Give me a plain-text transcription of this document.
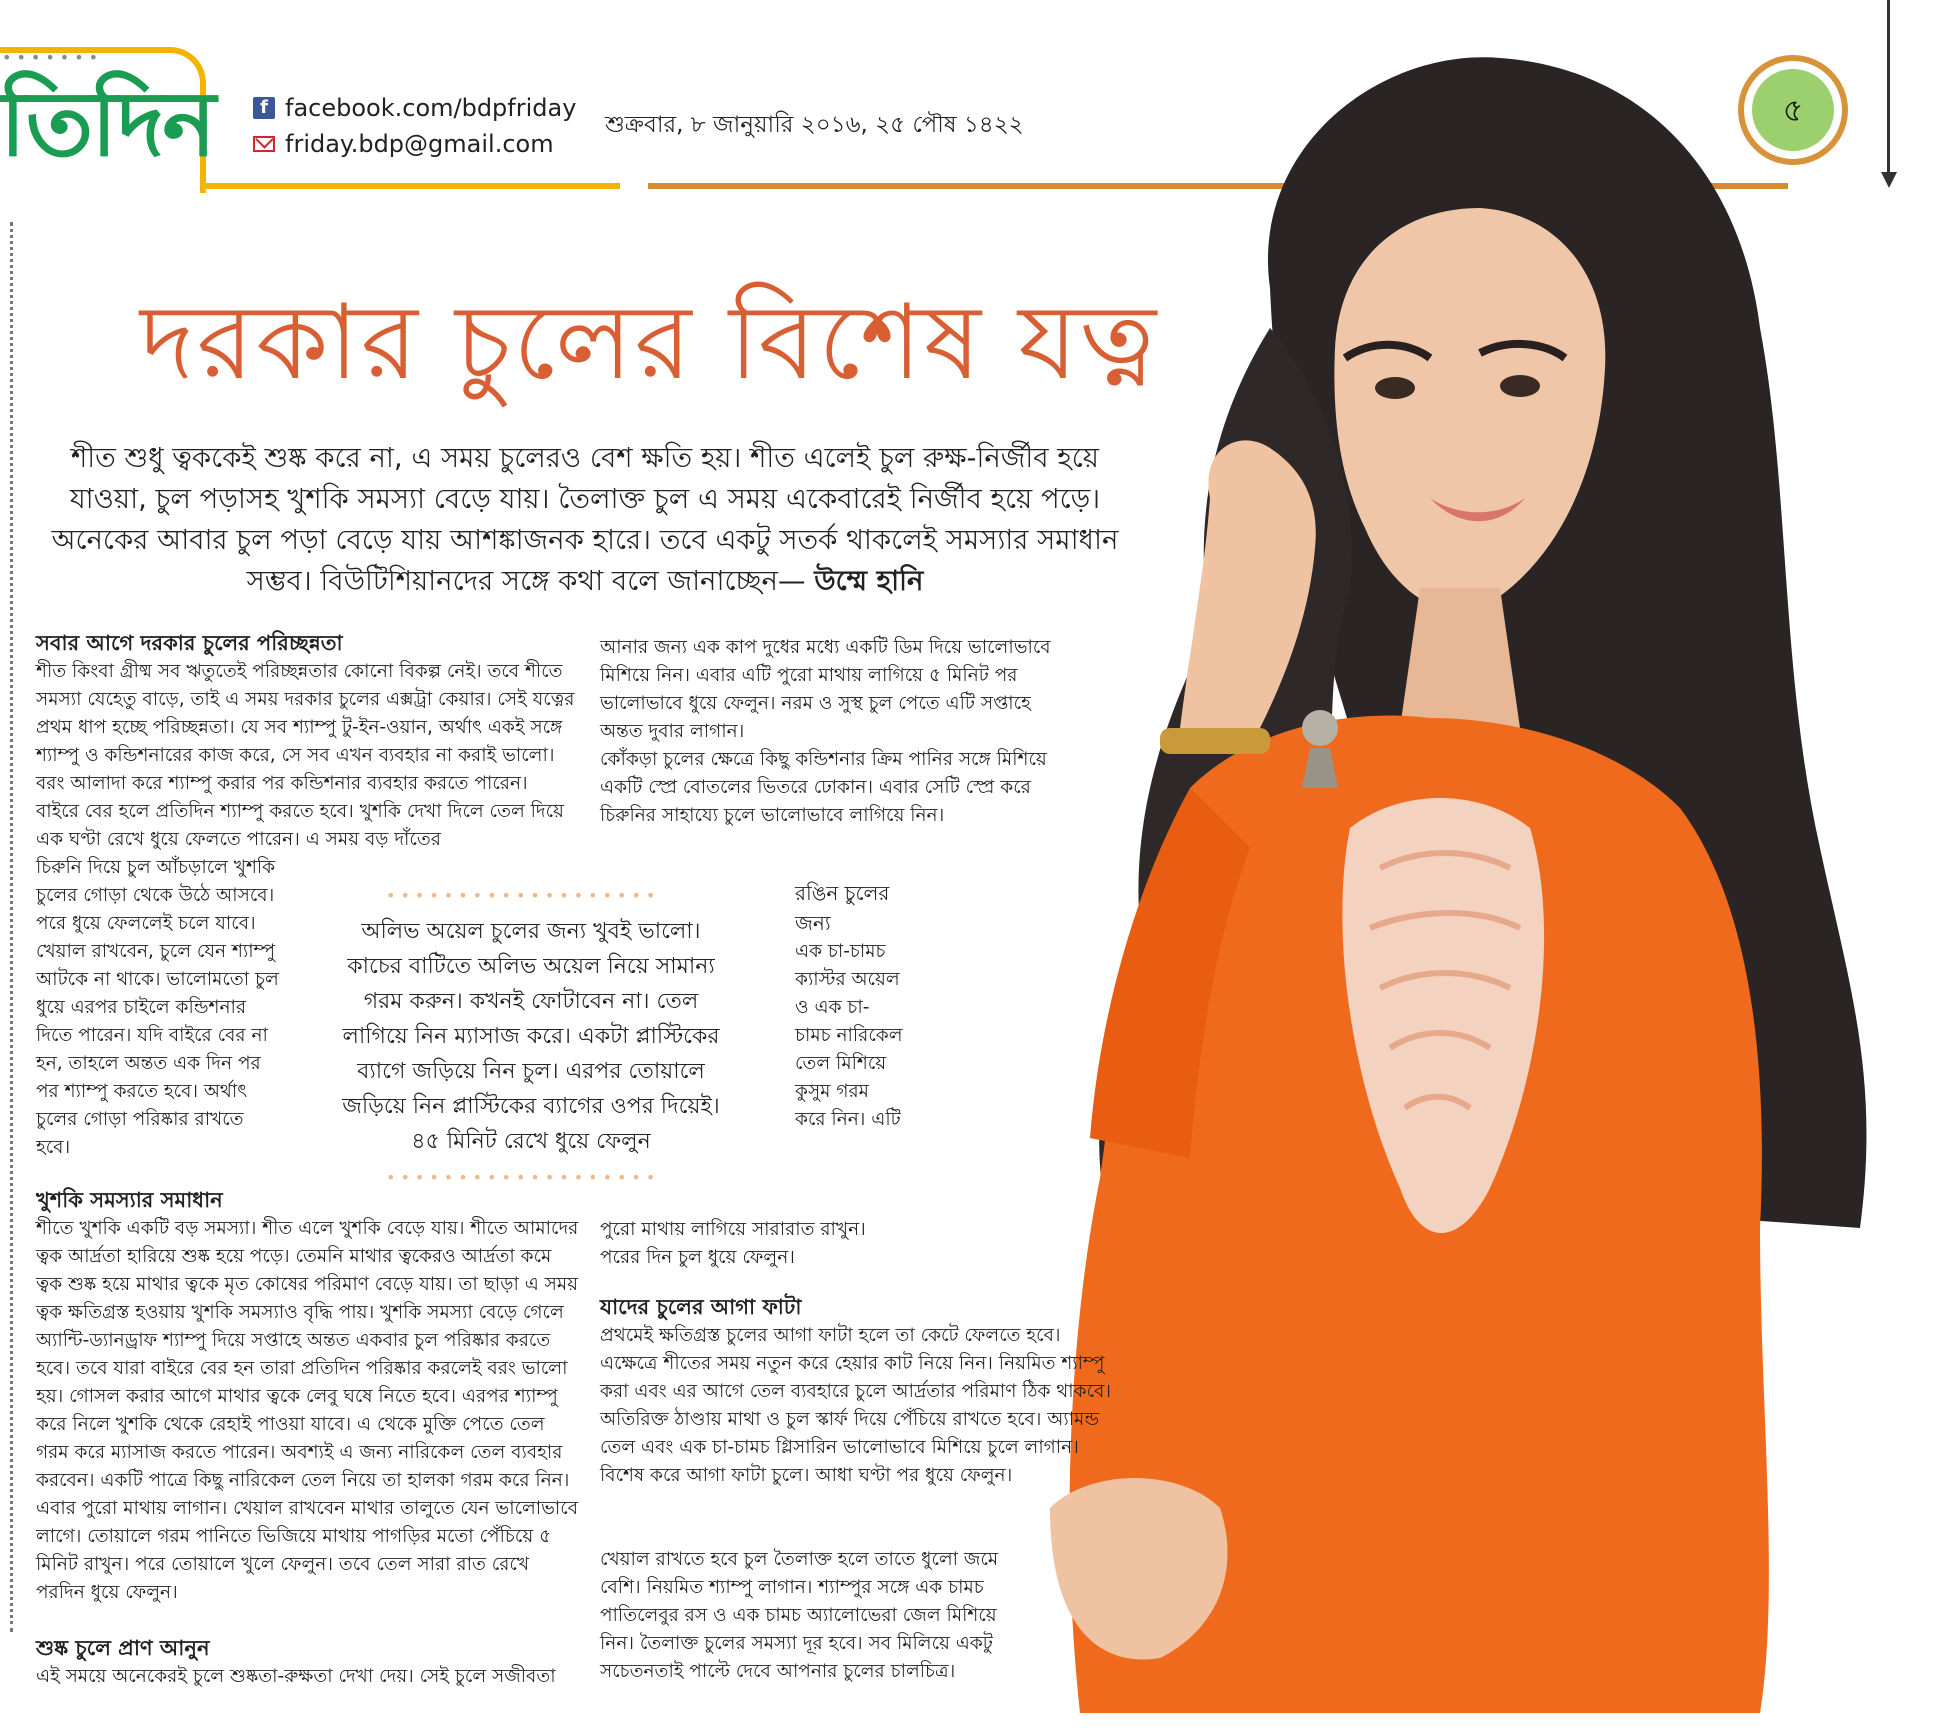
•••••••
তিদিন	f facebook.com/bdpfriday
friday.bdp@gmail.com
শুক্রবার, ৮ জানুয়ারি ২০১৬, ২৫ পৌষ ১৪২২	৫
দরকার চুলের বিশেষ যত্ন
শীত শুধু ত্বককেই শুষ্ক করে না, এ সময় চুলেরও বেশ ক্ষতি হয়। শীত এলেই চুল রুক্ষ-নির্জীব হয়ে যাওয়া, চুল পড়াসহ খুশকি সমস্যা বেড়ে যায়। তৈলাক্ত চুল এ সময় একেবারেই নির্জীব হয়ে পড়ে। অনেকের আবার চুল পড়া বেড়ে যায় আশঙ্কাজনক হারে। তবে একটু সতর্ক থাকলেই সমস্যার সমাধান সম্ভব। বিউটিশিয়ানদের সঙ্গে কথা বলে জানাচ্ছেন— উম্মে হানি
সবার আগে দরকার চুলের পরিচ্ছন্নতা

শীত কিংবা গ্রীষ্ম সব ঋতুতেই পরিচ্ছন্নতার কোনো বিকল্প নেই। তবে শীতে সমস্যা যেহেতু বাড়ে, তাই এ সময় দরকার চুলের এক্সট্রা কেয়ার। সেই যত্নের প্রথম ধাপ হচ্ছে পরিচ্ছন্নতা। যে সব শ্যাম্পু টু-ইন-ওয়ান, অর্থাৎ একই সঙ্গে শ্যাম্পু ও কন্ডিশনারের কাজ করে, সে সব এখন ব্যবহার না করাই ভালো। বরং আলাদা করে শ্যাম্পু করার পর কন্ডিশনার ব্যবহার করতে পারেন। বাইরে বের হলে প্রতিদিন শ্যাম্পু করতে হবে। খুশকি দেখা দিলে তেল দিয়ে এক ঘণ্টা রেখে ধুয়ে ফেলতে পারেন। এ সময় বড় দাঁতের

চিরুনি দিয়ে চুল আঁচড়ালে খুশকি চুলের গোড়া থেকে উঠে আসবে। পরে ধুয়ে ফেললেই চলে যাবে। খেয়াল রাখবেন, চুলে যেন শ্যাম্পু আটকে না থাকে। ভালোমতো চুল ধুয়ে এরপর চাইলে কন্ডিশনার দিতে পারেন। যদি বাইরে বের না হন, তাহলে অন্তত এক দিন পর পর শ্যাম্পু করতে হবে। অর্থাৎ চুলের গোড়া পরিষ্কার রাখতে হবে।

•••••••••••••••••••
অলিভ অয়েল চুলের জন্য খুবই ভালো। কাচের বাটিতে অলিভ অয়েল নিয়ে সামান্য গরম করুন। কখনই ফোটাবেন না। তেল লাগিয়ে নিন ম্যাসাজ করে। একটা প্লাস্টিকের ব্যাগে জড়িয়ে নিন চুল। এরপর তোয়ালে জড়িয়ে নিন প্লাস্টিকের ব্যাগের ওপর দিয়েই। ৪৫ মিনিট রেখে ধুয়ে ফেলুন
•••••••••••••••••••
খুশকি সমস্যার সমাধান

শীতে খুশকি একটি বড় সমস্যা। শীত এলে খুশকি বেড়ে যায়। শীতে আমাদের ত্বক আর্দ্রতা হারিয়ে শুষ্ক হয়ে পড়ে। তেমনি মাথার ত্বকেরও আর্দ্রতা কমে ত্বক শুষ্ক হয়ে মাথার ত্বকে মৃত কোষের পরিমাণ বেড়ে যায়। তা ছাড়া এ সময় ত্বক ক্ষতিগ্রস্ত হওয়ায় খুশকি সমস্যাও বৃদ্ধি পায়। খুশকি সমস্যা বেড়ে গেলে অ্যান্টি-ড্যানড্রাফ শ্যাম্পু দিয়ে সপ্তাহে অন্তত একবার চুল পরিষ্কার করতে হবে। তবে যারা বাইরে বের হন তারা প্রতিদিন পরিষ্কার করলেই বরং ভালো হয়। গোসল করার আগে মাথার ত্বকে লেবু ঘষে নিতে হবে। এরপর শ্যাম্পু করে নিলে খুশকি থেকে রেহাই পাওয়া যাবে। এ থেকে মুক্তি পেতে তেল গরম করে ম্যাসাজ করতে পারেন। অবশ্যই এ জন্য নারিকেল তেল ব্যবহার করবেন। একটি পাত্রে কিছু নারিকেল তেল নিয়ে তা হালকা গরম করে নিন। এবার পুরো মাথায় লাগান। খেয়াল রাখবেন মাথার তালুতে যেন ভালোভাবে লাগে। তোয়ালে গরম পানিতে ভিজিয়ে মাথায় পাগড়ির মতো পেঁচিয়ে ৫ মিনিট রাখুন। পরে তোয়ালে খুলে ফেলুন। তবে তেল সারা রাত রেখে পরদিন ধুয়ে ফেলুন।

শুষ্ক চুলে প্রাণ আনুন

এই সময়ে অনেকেরই চুলে শুষ্কতা-রুক্ষতা দেখা দেয়। সেই চুলে সজীবতা

আনার জন্য এক কাপ দুধের মধ্যে একটি ডিম দিয়ে ভালোভাবে মিশিয়ে নিন। এবার এটি পুরো মাথায় লাগিয়ে ৫ মিনিট পর ভালোভাবে ধুয়ে ফেলুন। নরম ও সুস্থ চুল পেতে এটি সপ্তাহে অন্তত দুবার লাগান।

কোঁকড়া চুলের ক্ষেত্রে কিছু কন্ডিশনার ক্রিম পানির সঙ্গে মিশিয়ে একটি স্প্রে বোতলের ভিতরে ঢোকান। এবার সেটি স্প্রে করে চিরুনির সাহায্যে চুলে ভালোভাবে লাগিয়ে নিন।

রঙিন চুলের জন্য

এক চা-চামচ ক্যাস্টর অয়েল ও এক চা-চামচ নারিকেল তেল মিশিয়ে কুসুম গরম করে নিন। এটি

পুরো মাথায় লাগিয়ে সারারাত রাখুন। পরের দিন চুল ধুয়ে ফেলুন।

যাদের চুলের আগা ফাটা

প্রথমেই ক্ষতিগ্রস্ত চুলের আগা ফাটা হলে তা কেটে ফেলতে হবে। এক্ষেত্রে শীতের সময় নতুন করে হেয়ার কাট নিয়ে নিন। নিয়মিত শ্যাম্পু করা এবং এর আগে তেল ব্যবহারে চুলে আর্দ্রতার পরিমাণ ঠিক থাকবে। অতিরিক্ত ঠাণ্ডায় মাথা ও চুল স্কার্ফ দিয়ে পেঁচিয়ে রাখতে হবে। অ্যামন্ড তেল এবং এক চা-চামচ গ্লিসারিন ভালোভাবে মিশিয়ে চুলে লাগান। বিশেষ করে আগা ফাটা চুলে। আধা ঘণ্টা পর ধুয়ে ফেলুন।

খেয়াল রাখতে হবে চুল তৈলাক্ত হলে তাতে ধুলো জমে বেশি। নিয়মিত শ্যাম্পু লাগান। শ্যাম্পুর সঙ্গে এক চামচ পাতিলেবুর রস ও এক চামচ অ্যালোভেরা জেল মিশিয়ে নিন। তৈলাক্ত চুলের সমস্যা দূর হবে। সব মিলিয়ে একটু সচেতনতাই পাল্টে দেবে আপনার চুলের চালচিত্র।
